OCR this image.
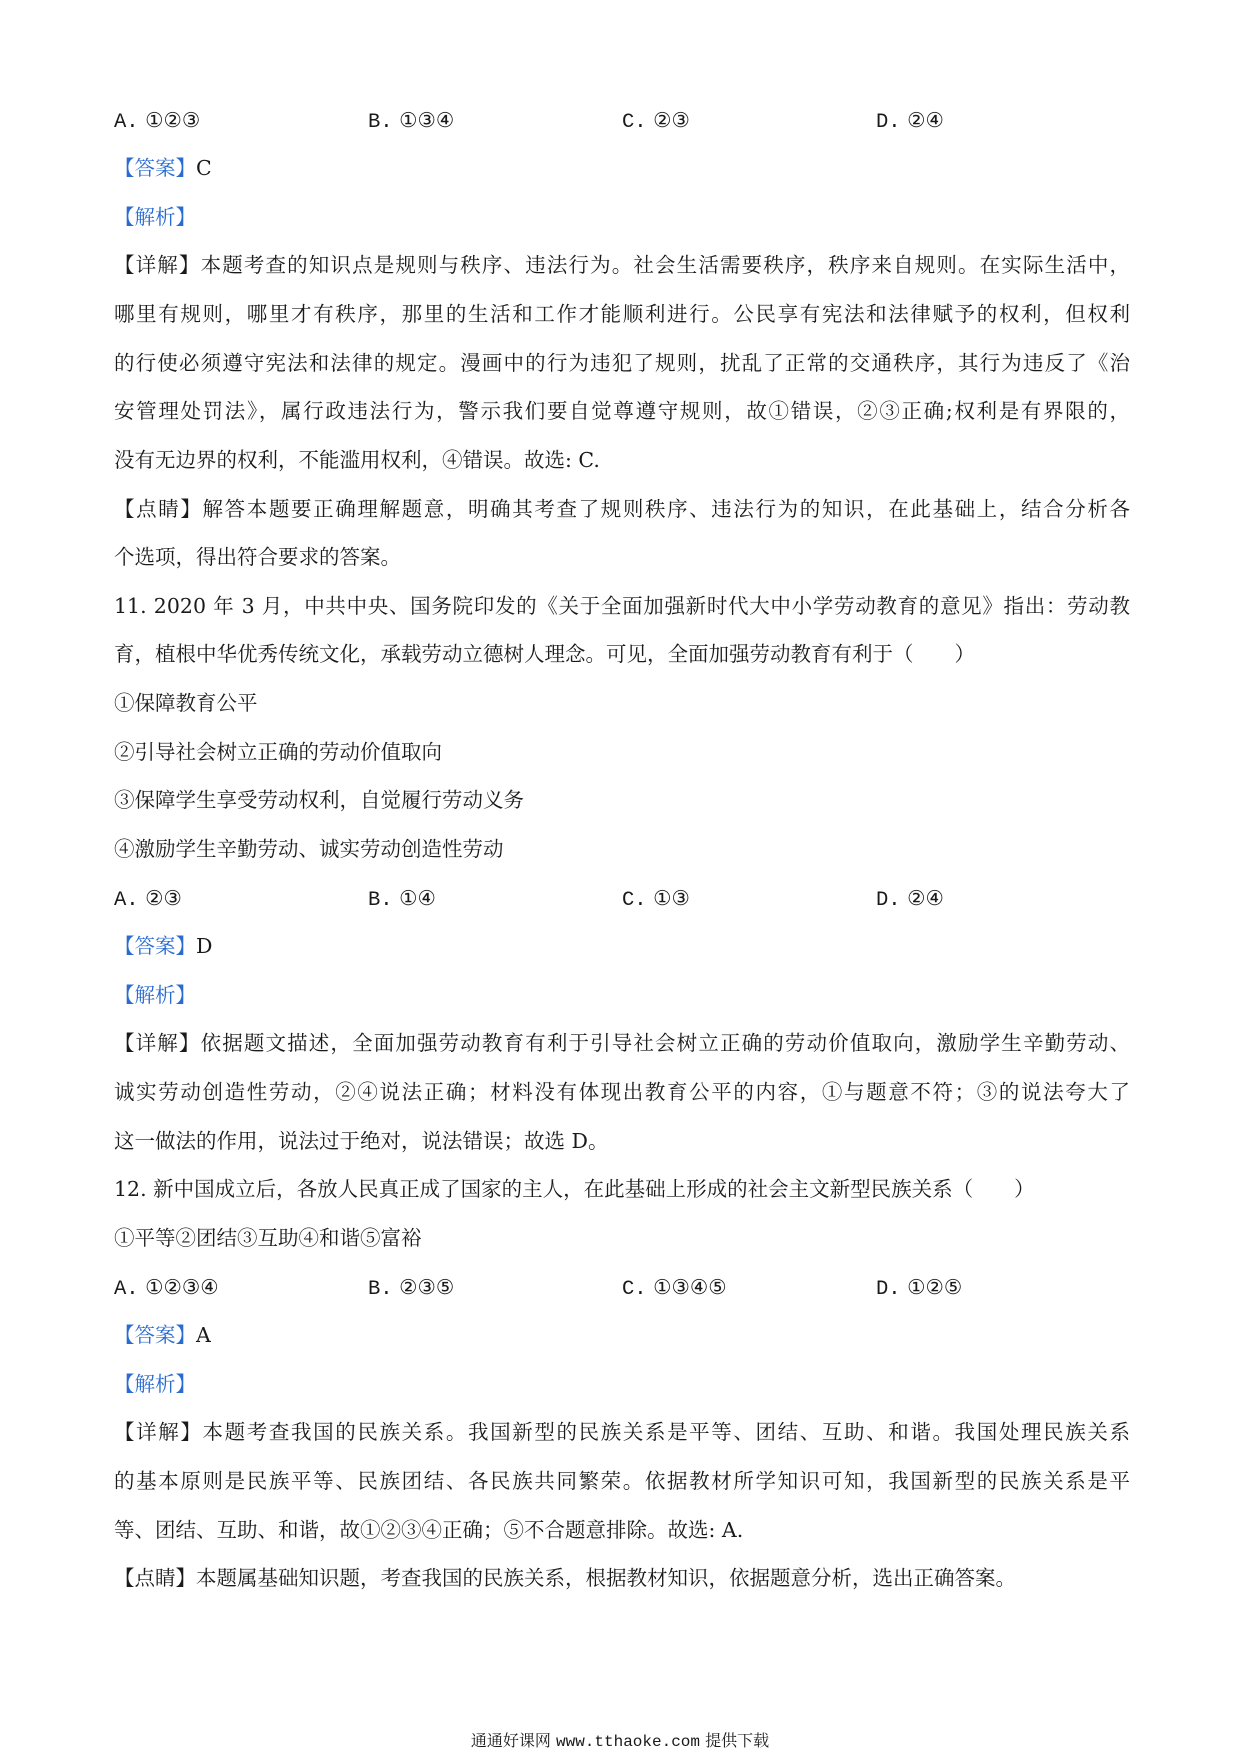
A. ①②③	B. ①③④	C. ②③	D. ②④
【答案】C
【解析】
【详解】本题考查的知识点是规则与秩序、违法行为。社会生活需要秩序，秩序来自规则。在实际生活中，
哪里有规则，哪里才有秩序，那里的生活和工作才能顺利进行。公民享有宪法和法律赋予的权利，但权利
的行使必须遵守宪法和法律的规定。漫画中的行为违犯了规则，扰乱了正常的交通秩序，其行为违反了《治
安管理处罚法》，属行政违法行为，警示我们要自觉尊遵守规则，故①错误，②③正确;权利是有界限的，
没有无边界的权利，不能滥用权利，④错误。故选: C.
【点睛】解答本题要正确理解题意，明确其考查了规则秩序、违法行为的知识，在此基础上，结合分析各
个选项，得出符合要求的答案。
11. 2020 年 3 月，中共中央、国务院印发的《关于全面加强新时代大中小学劳动教育的意见》指出：劳动教
育，植根中华优秀传统文化，承载劳动立德树人理念。可见，全面加强劳动教育有利于（　　）
①保障教育公平
②引导社会树立正确的劳动价值取向
③保障学生享受劳动权利，自觉履行劳动义务
④激励学生辛勤劳动、诚实劳动创造性劳动
A. ②③	B. ①④	C. ①③	D. ②④
【答案】D
【解析】
【详解】依据题文描述，全面加强劳动教育有利于引导社会树立正确的劳动价值取向，激励学生辛勤劳动、
诚实劳动创造性劳动，②④说法正确；材料没有体现出教育公平的内容，①与题意不符；③的说法夸大了
这一做法的作用，说法过于绝对，说法错误；故选 D。
12. 新中国成立后，各放人民真正成了国家的主人，在此基础上形成的社会主文新型民族关系（　　）
①平等②团结③互助④和谐⑤富裕
A. ①②③④	B. ②③⑤	C. ①③④⑤	D. ①②⑤
【答案】A
【解析】
【详解】本题考查我国的民族关系。我国新型的民族关系是平等、团结、互助、和谐。我国处理民族关系
的基本原则是民族平等、民族团结、各民族共同繁荣。依据教材所学知识可知，我国新型的民族关系是平
等、团结、互助、和谐，故①②③④正确；⑤不合题意排除。故选: A.
【点睛】本题属基础知识题，考查我国的民族关系，根据教材知识，依据题意分析，选出正确答案。
通通好课网 www.tthaoke.com 提供下载
